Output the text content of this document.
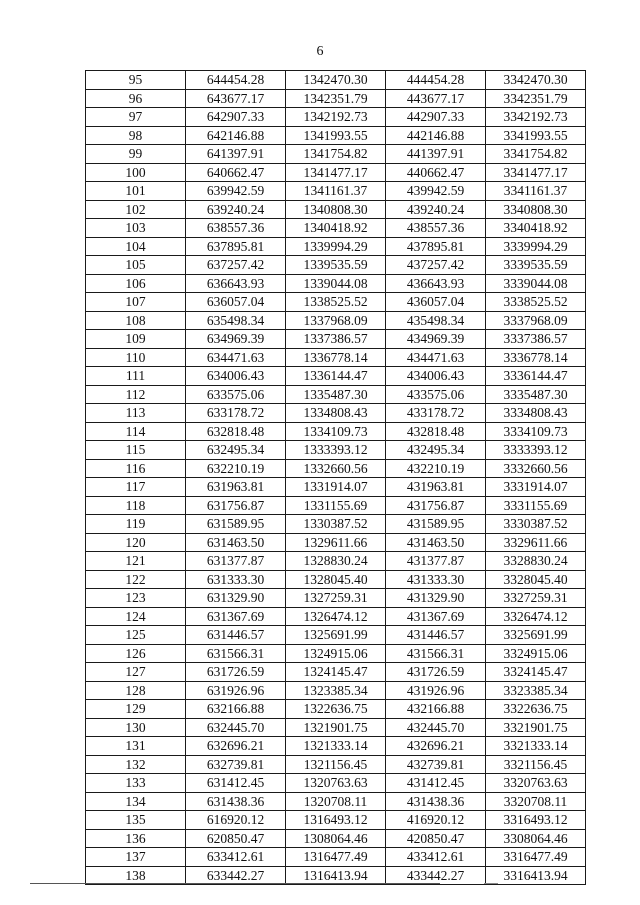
6
95	644454.28	1342470.30	444454.28	3342470.30
96	643677.17	1342351.79	443677.17	3342351.79
97	642907.33	1342192.73	442907.33	3342192.73
98	642146.88	1341993.55	442146.88	3341993.55
99	641397.91	1341754.82	441397.91	3341754.82
100	640662.47	1341477.17	440662.47	3341477.17
101	639942.59	1341161.37	439942.59	3341161.37
102	639240.24	1340808.30	439240.24	3340808.30
103	638557.36	1340418.92	438557.36	3340418.92
104	637895.81	1339994.29	437895.81	3339994.29
105	637257.42	1339535.59	437257.42	3339535.59
106	636643.93	1339044.08	436643.93	3339044.08
107	636057.04	1338525.52	436057.04	3338525.52
108	635498.34	1337968.09	435498.34	3337968.09
109	634969.39	1337386.57	434969.39	3337386.57
110	634471.63	1336778.14	434471.63	3336778.14
111	634006.43	1336144.47	434006.43	3336144.47
112	633575.06	1335487.30	433575.06	3335487.30
113	633178.72	1334808.43	433178.72	3334808.43
114	632818.48	1334109.73	432818.48	3334109.73
115	632495.34	1333393.12	432495.34	3333393.12
116	632210.19	1332660.56	432210.19	3332660.56
117	631963.81	1331914.07	431963.81	3331914.07
118	631756.87	1331155.69	431756.87	3331155.69
119	631589.95	1330387.52	431589.95	3330387.52
120	631463.50	1329611.66	431463.50	3329611.66
121	631377.87	1328830.24	431377.87	3328830.24
122	631333.30	1328045.40	431333.30	3328045.40
123	631329.90	1327259.31	431329.90	3327259.31
124	631367.69	1326474.12	431367.69	3326474.12
125	631446.57	1325691.99	431446.57	3325691.99
126	631566.31	1324915.06	431566.31	3324915.06
127	631726.59	1324145.47	431726.59	3324145.47
128	631926.96	1323385.34	431926.96	3323385.34
129	632166.88	1322636.75	432166.88	3322636.75
130	632445.70	1321901.75	432445.70	3321901.75
131	632696.21	1321333.14	432696.21	3321333.14
132	632739.81	1321156.45	432739.81	3321156.45
133	631412.45	1320763.63	431412.45	3320763.63
134	631438.36	1320708.11	431438.36	3320708.11
135	616920.12	1316493.12	416920.12	3316493.12
136	620850.47	1308064.46	420850.47	3308064.46
137	633412.61	1316477.49	433412.61	3316477.49
138	633442.27	1316413.94	433442.27	3316413.94
